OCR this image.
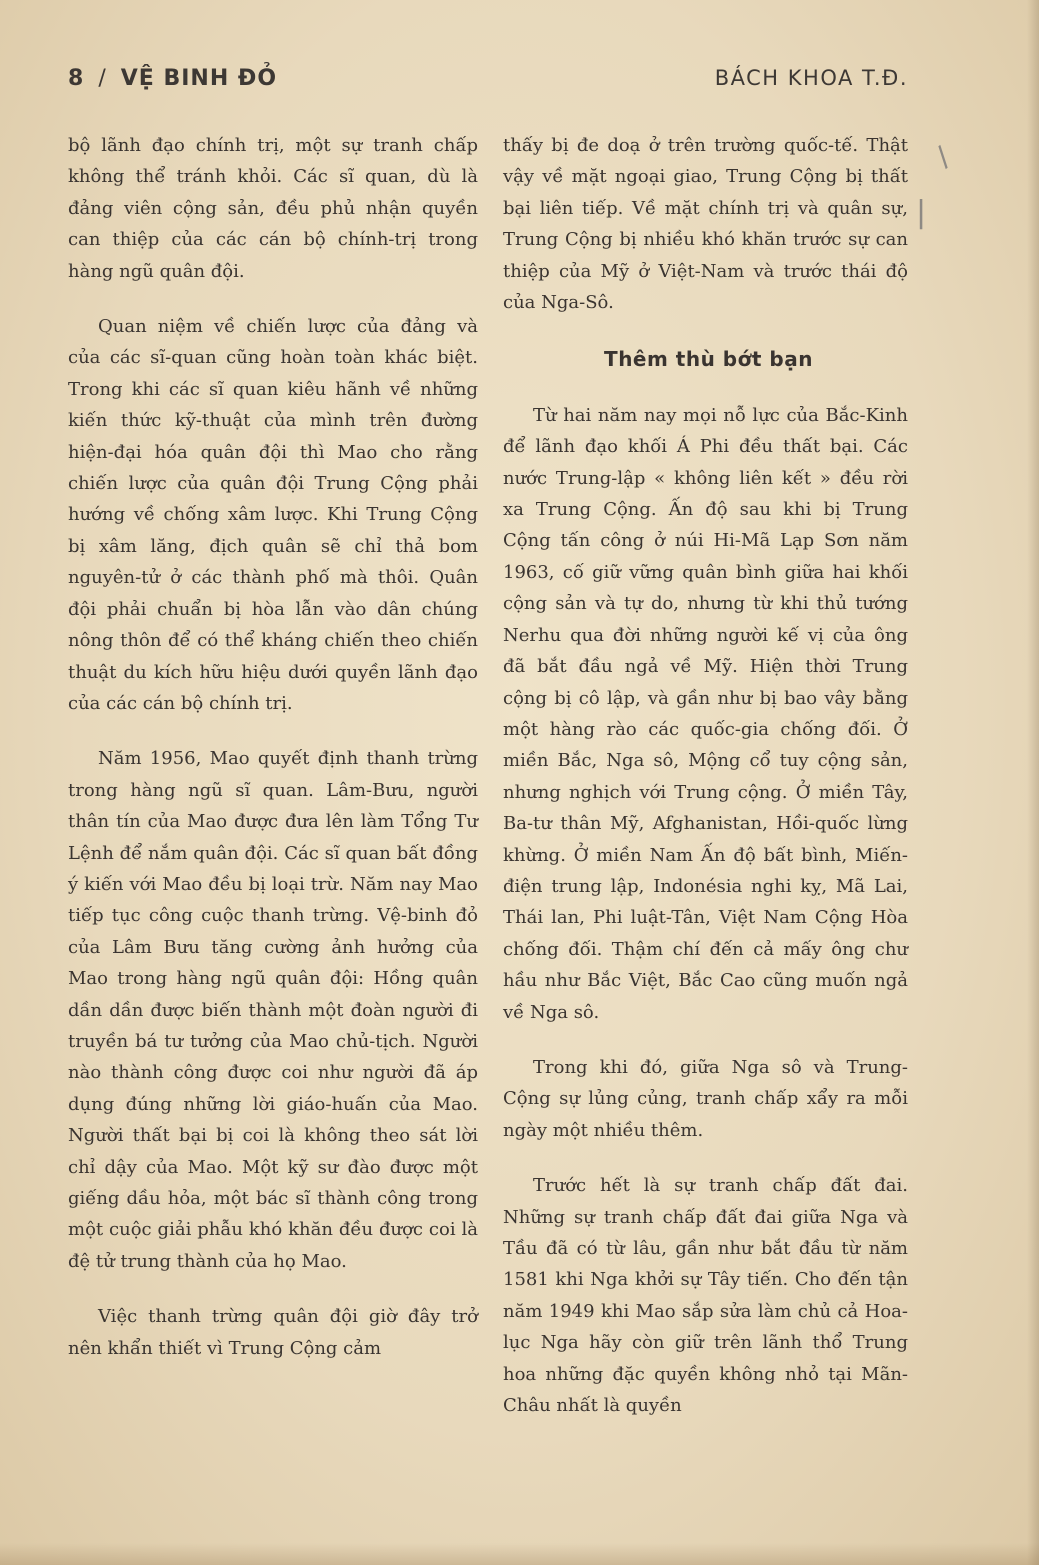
8 / VỆ BINH ĐỎ	BÁCH KHOA T.Đ.

bộ lãnh đạo chính trị, một sự tranh chấp không thể tránh khỏi. Các sĩ quan, dù là đảng viên cộng sản, đều phủ nhận quyền can thiệp của các cán bộ chính-trị trong hàng ngũ quân đội.

Quan niệm về chiến lược của đảng và của các sĩ-quan cũng hoàn toàn khác biệt. Trong khi các sĩ quan kiêu hãnh về những kiến thức kỹ-thuật của mình trên đường hiện-đại hóa quân đội thì Mao cho rằng chiến lược của quân đội Trung Cộng phải hướng về chống xâm lược. Khi Trung Cộng bị xâm lăng, địch quân sẽ chỉ thả bom nguyên-tử ở các thành phố mà thôi. Quân đội phải chuẩn bị hòa lẫn vào dân chúng nông thôn để có thể kháng chiến theo chiến thuật du kích hữu hiệu dưới quyền lãnh đạo của các cán bộ chính trị.

Năm 1956, Mao quyết định thanh trừng trong hàng ngũ sĩ quan. Lâm-Bưu, người thân tín của Mao được đưa lên làm Tổng Tư Lệnh để nắm quân đội. Các sĩ quan bất đồng ý kiến với Mao đều bị loại trừ. Năm nay Mao tiếp tục công cuộc thanh trừng. Vệ-binh đỏ của Lâm Bưu tăng cường ảnh hưởng của Mao trong hàng ngũ quân đội: Hồng quân dần dần được biến thành một đoàn người đi truyền bá tư tưởng của Mao chủ-tịch. Người nào thành công được coi như người đã áp dụng đúng những lời giáo-huấn của Mao. Người thất bại bị coi là không theo sát lời chỉ dậy của Mao. Một kỹ sư đào được một giếng dầu hỏa, một bác sĩ thành công trong một cuộc giải phẫu khó khăn đều được coi là đệ tử trung thành của họ Mao.

Việc thanh trừng quân đội giờ đây trở nên khẩn thiết vì Trung Cộng cảm

thấy bị đe doạ ở trên trường quốc-tế. Thật vậy về mặt ngoại giao, Trung Cộng bị thất bại liên tiếp. Về mặt chính trị và quân sự, Trung Cộng bị nhiều khó khăn trước sự can thiệp của Mỹ ở Việt-Nam và trước thái độ của Nga-Sô.

Thêm thù bớt bạn

Từ hai năm nay mọi nỗ lực của Bắc-Kinh để lãnh đạo khối Á Phi đều thất bại. Các nước Trung-lập « không liên kết » đều rời xa Trung Cộng. Ấn độ sau khi bị Trung Cộng tấn công ở núi Hi-Mã Lạp Sơn năm 1963, cố giữ vững quân bình giữa hai khối cộng sản và tự do, nhưng từ khi thủ tướng Nerhu qua đời những người kế vị của ông đã bắt đầu ngả về Mỹ. Hiện thời Trung cộng bị cô lập, và gần như bị bao vây bằng một hàng rào các quốc-gia chống đối. Ở miền Bắc, Nga sô, Mộng cổ tuy cộng sản, nhưng nghịch với Trung cộng. Ở miền Tây, Ba-tư thân Mỹ, Afghanistan, Hồi-quốc lừng khừng. Ở miền Nam Ấn độ bất bình, Miến-điện trung lập, Indonésia nghi kỵ, Mã Lai, Thái lan, Phi luật-Tân, Việt Nam Cộng Hòa chống đối. Thậm chí đến cả mấy ông chư hầu như Bắc Việt, Bắc Cao cũng muốn ngả về Nga sô.

Trong khi đó, giữa Nga sô và Trung-Cộng sự lủng củng, tranh chấp xẩy ra mỗi ngày một nhiều thêm.

Trước hết là sự tranh chấp đất đai. Những sự tranh chấp đất đai giữa Nga và Tầu đã có từ lâu, gần như bắt đầu từ năm 1581 khi Nga khởi sự Tây tiến. Cho đến tận năm 1949 khi Mao sắp sửa làm chủ cả Hoa-lục Nga hãy còn giữ trên lãnh thổ Trung hoa những đặc quyền không nhỏ tại Mãn-Châu nhất là quyền

/
|
